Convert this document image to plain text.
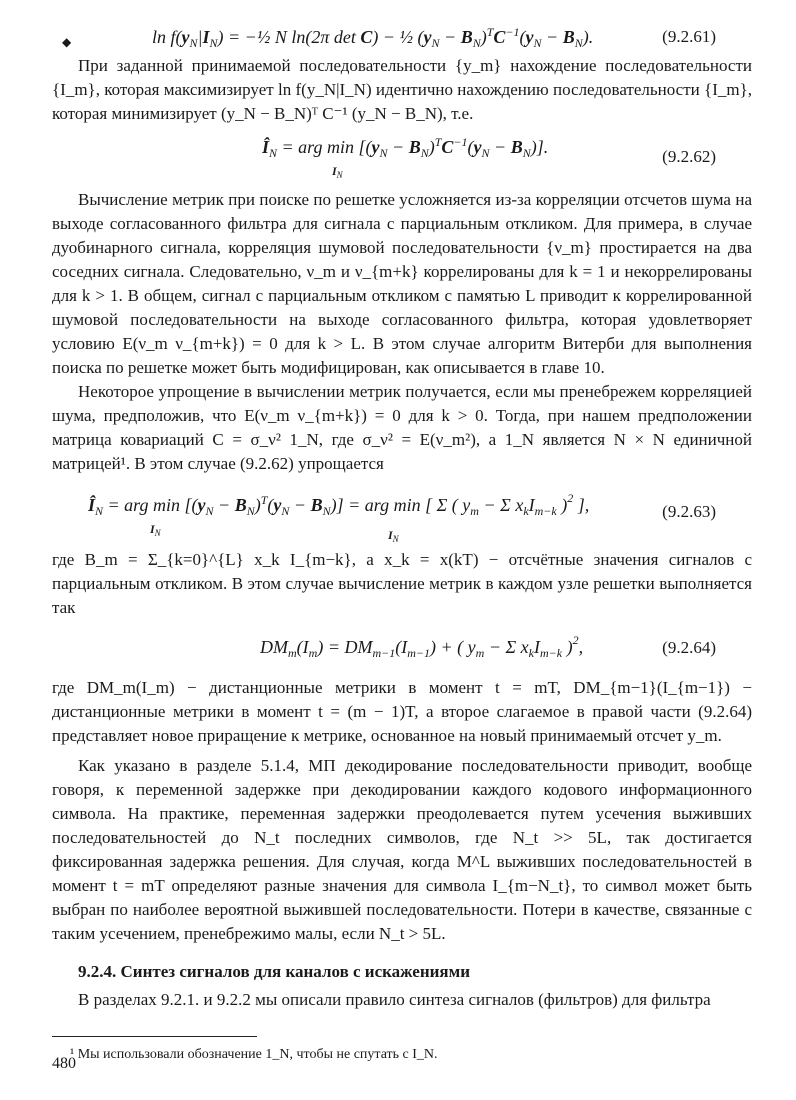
◆	$\ln f(y_N|I_N)$ = −½ N ln(2π det C) − ½ $(y_N - B_N)^TC^{-1}(y_N - B_N)$.	(9.2.61)

При заданной принимаемой последовательности {y_m} нахождение последовательности {I_m}, которая максимизирует ln f(y_N|I_N) идентично нахождению последовательности {I_m}, которая минимизирует (y_N − B_N)ᵀ C⁻¹ (y_N − B_N), т.е.

$Î_N$ = arg $\min [(y_N - B_N)^TC^{-1}(y_N - B_N)]$.
$I_N$
(9.2.62)

Вычисление метрик при поиске по решетке усложняется из-за корреляции отсчетов шума на выходе согласованного фильтра для сигнала с парциальным откликом. Для примера, в случае дуобинарного сигнала, корреляция шумовой последовательности {ν_m} простирается на два соседних сигнала. Следовательно, ν_m и ν_{m+k} коррелированы для k = 1 и некоррелированы для k > 1. В общем, сигнал с парциальным откликом с памятью L приводит к коррелированной шумовой последовательности на выходе согласованного фильтра, которая удовлетворяет условию E(ν_m ν_{m+k}) = 0 для k > L. В этом случае алгоритм Витерби для выполнения поиска по решетке может быть модифицирован, как описывается в главе 10.

Некоторое упрощение в вычислении метрик получается, если мы пренебрежем корреляцией шума, предположив, что E(ν_m ν_{m+k}) = 0 для k > 0. Тогда, при нашем предположении матрица ковариаций C = σ_ν² 1_N, где σ_ν² = E(ν_m²), а 1_N является N × N единичной матрицей¹. В этом случае (9.2.62) упрощается

$Î_N$ = arg $\min [(y_N - B_N)^T(y_N - B_N)]$ = arg min [ Σ ( $y_m - \Sigma$ $x_kI_{m-k}$ )$^2$ ],
$I_N$	$I_N$
(9.2.63)

где B_m = Σ_{k=0}^{L} x_k I_{m−k}, а x_k = x(kT) − отсчётные значения сигналов с парциальным откликом. В этом случае вычисление метрик в каждом узле решетки выполняется так

$DM_m(I_m) = DM_{m-1}(I_{m-1})$ + ( $y_m - \Sigma$ $x_kI_{m-k}$ )$^2$,	(9.2.64)

где DM_m(I_m) − дистанционные метрики в момент t = mT, DM_{m−1}(I_{m−1}) − дистанционные метрики в момент t = (m − 1)T, а второе слагаемое в правой части (9.2.64) представляет новое приращение к метрике, основанное на новый принимаемый отсчет y_m.

Как указано в разделе 5.1.4, МП декодирование последовательности приводит, вообще говоря, к переменной задержке при декодировании каждого кодового информационного символа. На практике, переменная задержки преодолевается путем усечения выживших последовательностей до N_t последних символов, где N_t >> 5L, так достигается фиксированная задержка решения. Для случая, когда M^L выживших последовательностей в момент t = mT определяют разные значения для символа I_{m−N_t}, то символ может быть выбран по наиболее вероятной выжившей последовательности. Потери в качестве, связанные с таким усечением, пренебрежимо малы, если N_t > 5L.

9.2.4. Синтез сигналов для каналов с искажениями

В разделах 9.2.1. и 9.2.2 мы описали правило синтеза сигналов (фильтров) для фильтра

¹ Мы использовали обозначение 1_N, чтобы не спутать с I_N.

480
